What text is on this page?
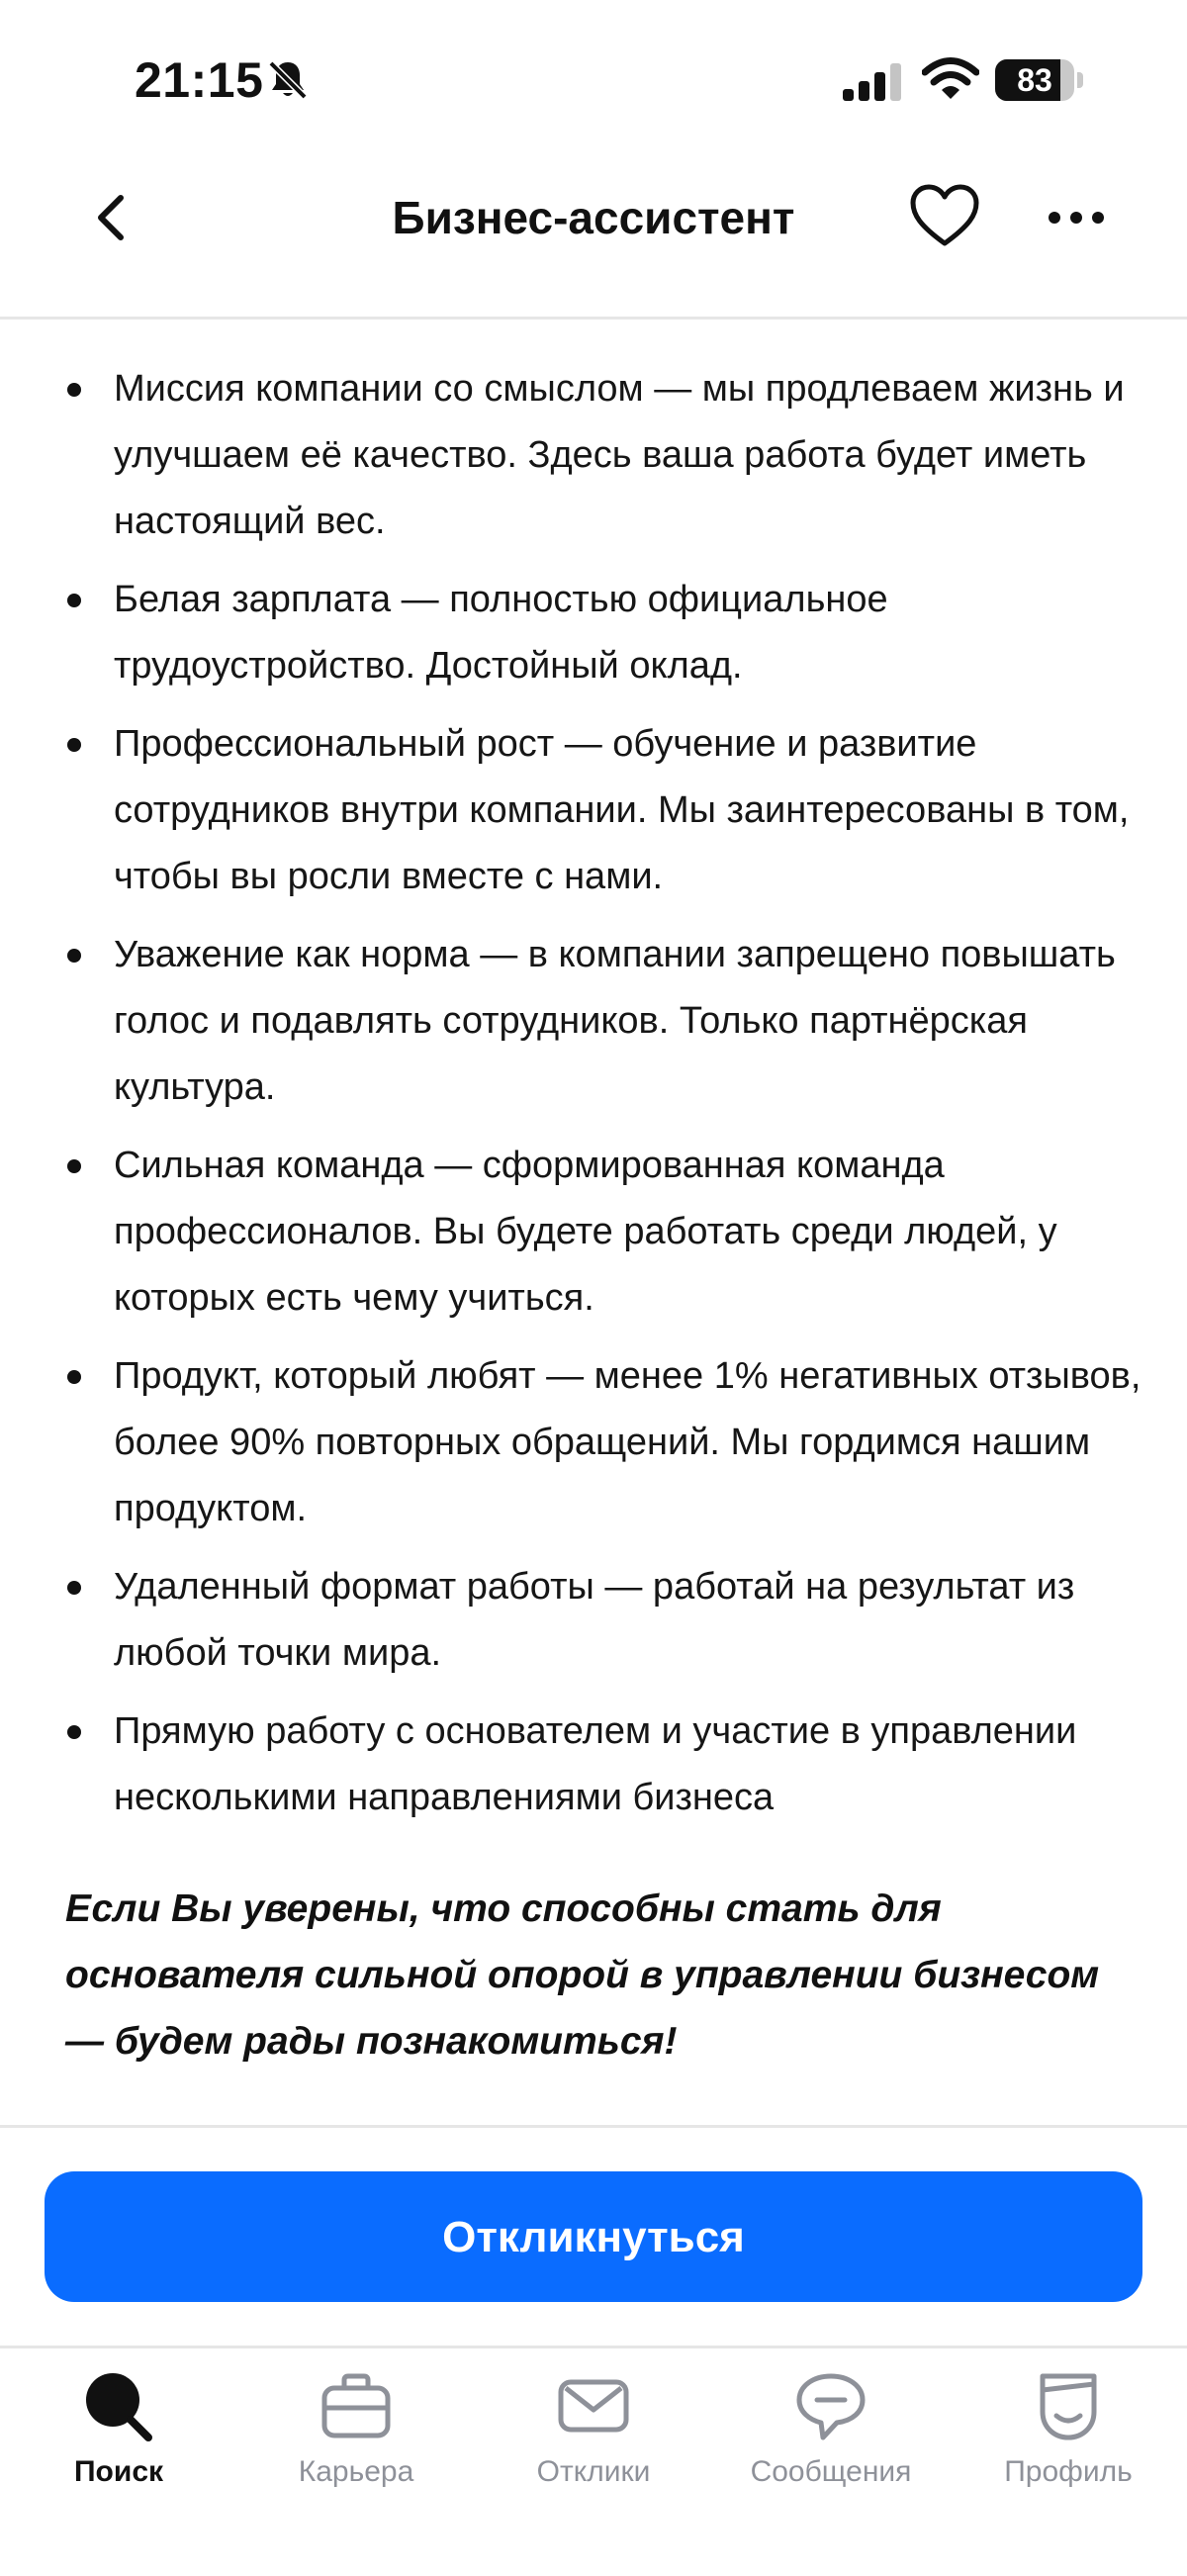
21:15	83
Бизнес-ассистент
Миссия компании со смыслом — мы продлеваем жизнь и улучшаем её качество. Здесь ваша работа будет иметь настоящий вес.
Белая зарплата — полностью официальное трудоустройство. Достойный оклад.
Профессиональный рост — обучение и развитие сотрудников внутри компании. Мы заинтересованы в том, чтобы вы росли вместе с нами.
Уважение как норма — в компании запрещено повышать голос и подавлять сотрудников. Только партнёрская культура.
Сильная команда — сформированная команда профессионалов. Вы будете работать среди людей, у которых есть чему учиться.
Продукт, который любят — менее 1% негативных отзывов, более 90% повторных обращений. Мы гордимся нашим продуктом.
Удаленный формат работы — работай на результат из любой точки мира.
Прямую работу с основателем и участие в управлении несколькими направлениями бизнеса
Если Вы уверены, что способны стать для основателя сильной опорой в управлении бизнесом — будем рады познакомиться!
Откликнуться
Поиск	Карьера	Отклики	Сообщения	Профиль
